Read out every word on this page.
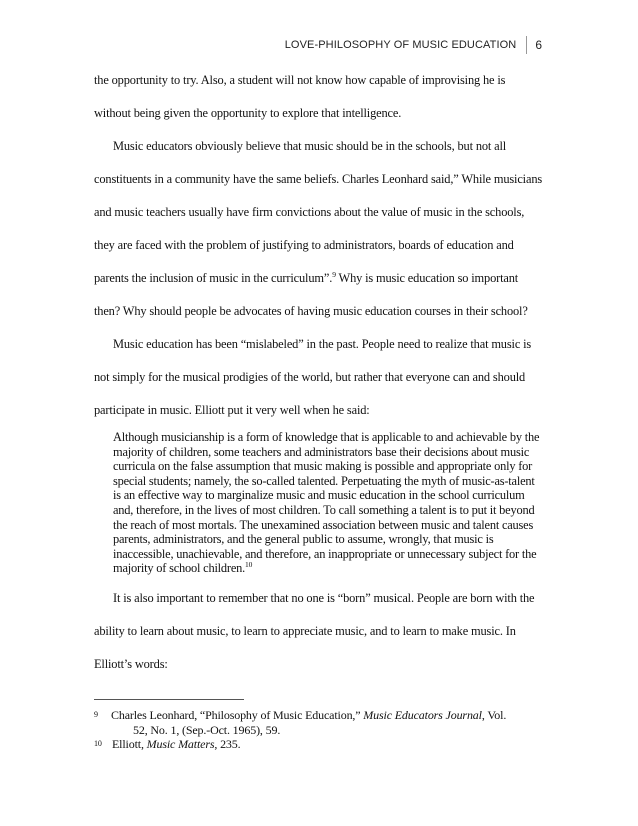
LOVE-PHILOSOPHY OF MUSIC EDUCATION 6

the opportunity to try. Also, a student will not know how capable of improvising he is without being given the opportunity to explore that intelligence.

Music educators obviously believe that music should be in the schools, but not all constituents in a community have the same beliefs. Charles Leonhard said,” While musicians and music teachers usually have firm convictions about the value of music in the schools, they are faced with the problem of justifying to administrators, boards of education and parents the inclusion of music in the curriculum”.$^9$ Why is music education so important then? Why should people be advocates of having music education courses in their school?

Music education has been “mislabeled” in the past. People need to realize that music is not simply for the musical prodigies of the world, but rather that everyone can and should participate in music. Elliott put it very well when he said:

Although musicianship is a form of knowledge that is applicable to and achievable by the majority of children, some teachers and administrators base their decisions about music curricula on the false assumption that music making is possible and appropriate only for special students; namely, the so-called talented. Perpetuating the myth of music-as-talent is an effective way to marginalize music and music education in the school curriculum and, therefore, in the lives of most children. To call something a talent is to put it beyond the reach of most mortals. The unexamined association between music and talent causes parents, administrators, and the general public to assume, wrongly, that music is inaccessible, unachievable, and therefore, an inappropriate or unnecessary subject for the majority of school children.$^{10}$

It is also important to remember that no one is “born” musical. People are born with the ability to learn about music, to learn to appreciate music, and to learn to make music. In Elliott’s words:

9	Charles Leonhard, “Philosophy of Music Education,” Music Educators Journal, Vol.
52, No. 1, (Sep.-Oct. 1965), 59.
10 Elliott, Music Matters, 235.
